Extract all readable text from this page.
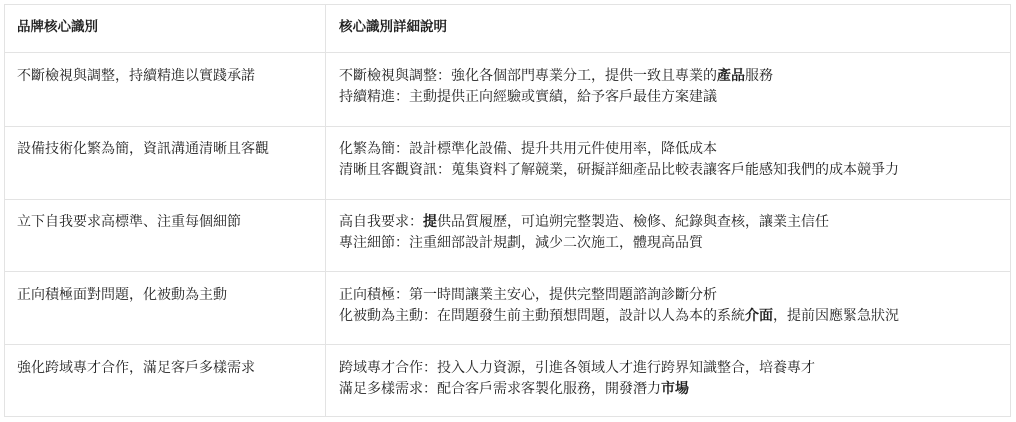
品牌核心識別	核心識別詳細說明
不斷檢視與調整，持續精進以實踐承諾	不斷檢視與調整：強化各個部門專業分工，提供一致且專業的產品服務
持續精進：主動提供正向經驗或實績，給予客戶最佳方案建議
設備技術化繁為簡，資訊溝通清晰且客觀	化繁為簡：設計標準化設備、提升共用元件使用率，降低成本
清晰且客觀資訊：蒐集資料了解競業，研擬詳細產品比較表讓客戶能感知我們的成本競爭力
立下自我要求高標準、注重每個細節	高自我要求：提供品質履歷，可追朔完整製造、檢修、紀錄與查核，讓業主信任
專注細節：注重細部設計規劃，減少二次施工，體現高品質
正向積極面對問題，化被動為主動	正向積極：第一時間讓業主安心，提供完整問題諮詢診斷分析
化被動為主動：在問題發生前主動預想問題，設計以人為本的系統介面，提前因應緊急狀況
強化跨域專才合作，滿足客戶多樣需求	跨域專才合作：投入人力資源，引進各領域人才進行跨界知識整合，培養專才
滿足多樣需求：配合客戶需求客製化服務，開發潛力市場
